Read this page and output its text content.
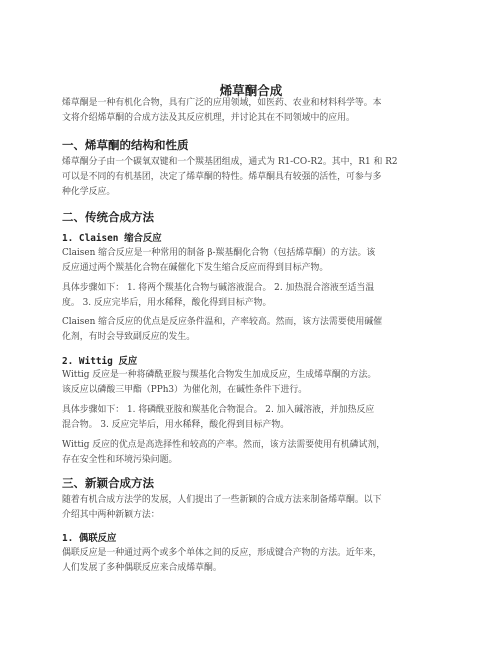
烯草酮合成
烯草酮是一种有机化合物，具有广泛的应用领域，如医药、农业和材料科学等。本
文将介绍烯草酮的合成方法及其反应机理，并讨论其在不同领域中的应用。
一、烯草酮的结构和性质
烯草酮分子由一个碳氧双键和一个羰基团组成，通式为 R1-CO-R2。其中，R1 和 R2
可以是不同的有机基团，决定了烯草酮的特性。烯草酮具有较强的活性，可参与多
种化学反应。
二、传统合成方法
1. Claisen 缩合反应
Claisen 缩合反应是一种常用的制备 β-羰基酮化合物（包括烯草酮）的方法。该
反应通过两个羰基化合物在碱催化下发生缩合反应而得到目标产物。
具体步骤如下： 1. 将两个羰基化合物与碱溶液混合。 2. 加热混合溶液至适当温
度。 3. 反应完毕后，用水稀释，酸化得到目标产物。
Claisen 缩合反应的优点是反应条件温和，产率较高。然而，该方法需要使用碱催
化剂，有时会导致副反应的发生。
2. Wittig 反应
Wittig 反应是一种将磷酰亚胺与羰基化合物发生加成反应，生成烯草酮的方法。
该反应以磷酸三甲酯（PPh3）为催化剂，在碱性条件下进行。
具体步骤如下： 1. 将磷酰亚胺和羰基化合物混合。 2. 加入碱溶液，并加热反应
混合物。 3. 反应完毕后，用水稀释，酸化得到目标产物。
Wittig 反应的优点是高选择性和较高的产率。然而，该方法需要使用有机磷试剂，
存在安全性和环境污染问题。
三、新颖合成方法
随着有机合成方法学的发展，人们提出了一些新颖的合成方法来制备烯草酮。以下
介绍其中两种新颖方法：
1. 偶联反应
偶联反应是一种通过两个或多个单体之间的反应，形成键合产物的方法。近年来，
人们发展了多种偶联反应来合成烯草酮。
